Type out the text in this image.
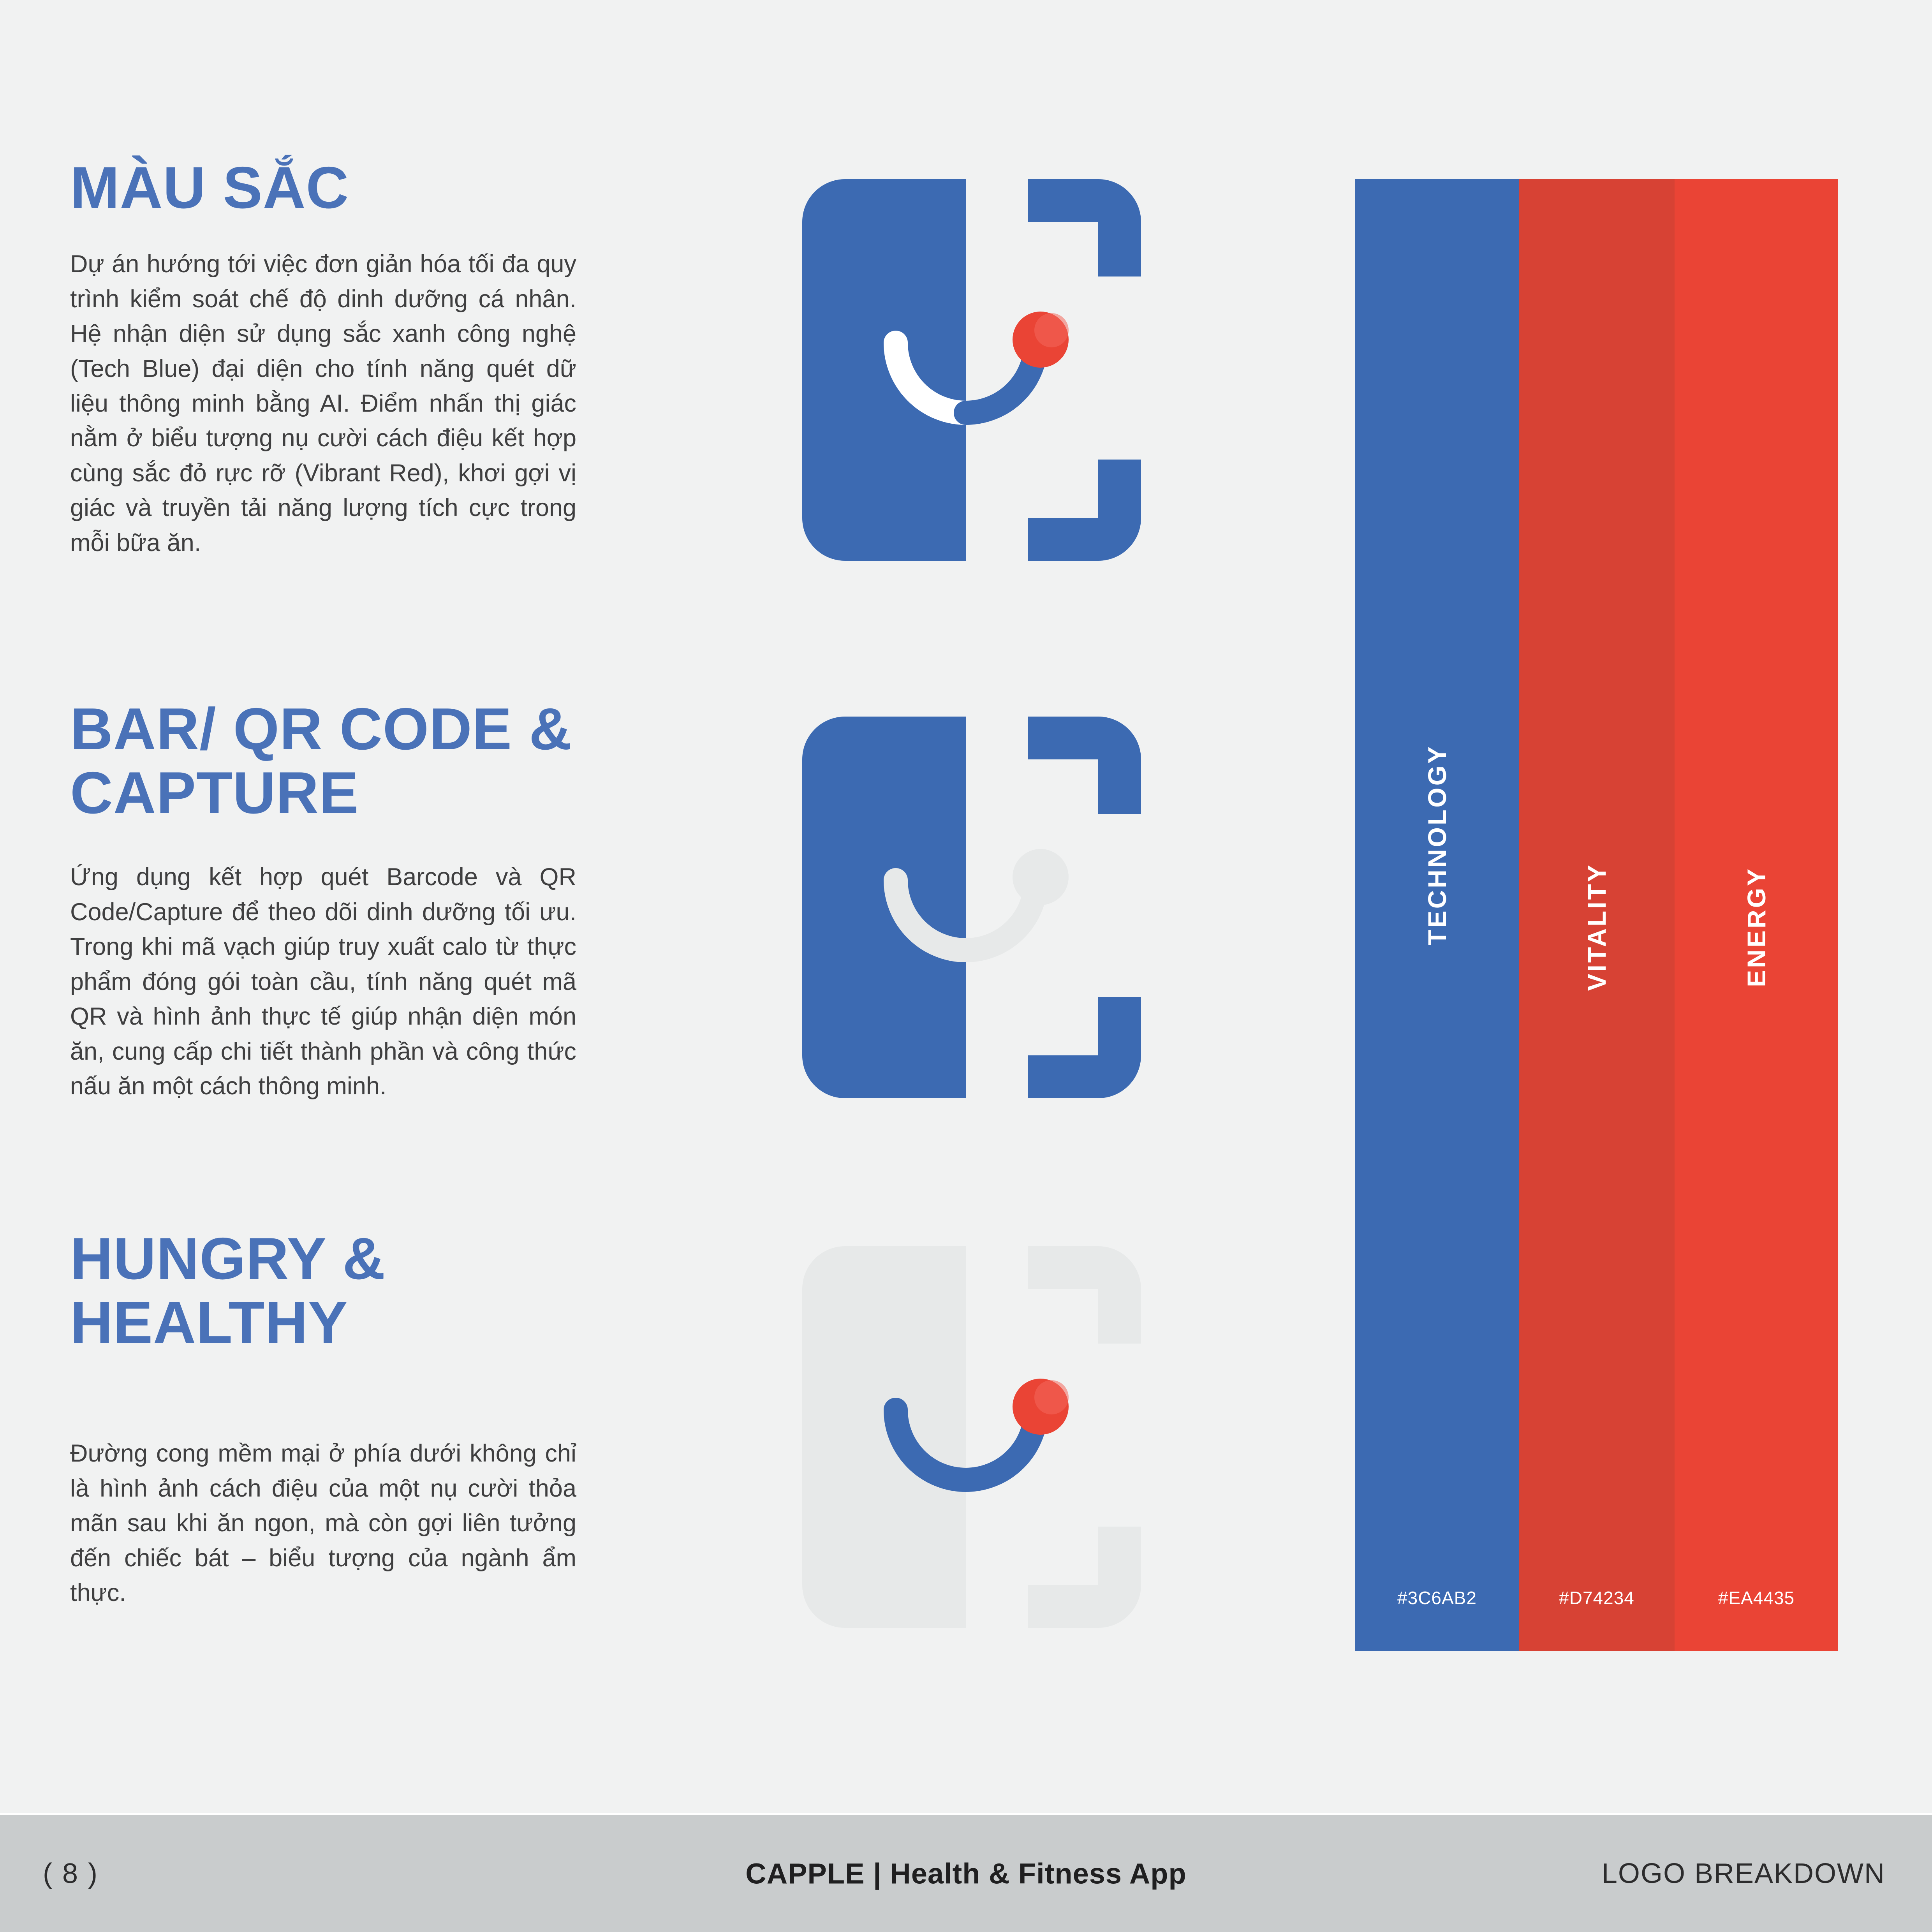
MÀU SẮC

Dự án hướng tới việc đơn giản hóa tối đa quy trình kiểm soát chế độ dinh dưỡng cá nhân. Hệ nhận diện sử dụng sắc xanh công nghệ (Tech Blue) đại diện cho tính năng quét dữ liệu thông minh bằng AI. Điểm nhấn thị giác nằm ở biểu tượng nụ cười cách điệu kết hợp cùng sắc đỏ rực rỡ (Vibrant Red), khơi gợi vị giác và truyền tải năng lượng tích cực trong mỗi bữa ăn.

BAR/ QR CODE & CAPTURE

Ứng dụng kết hợp quét Barcode và QR Code/Capture để theo dõi dinh dưỡng tối ưu. Trong khi mã vạch giúp truy xuất calo từ thực phẩm đóng gói toàn cầu, tính năng quét mã QR và hình ảnh thực tế giúp nhận diện món ăn, cung cấp chi tiết thành phần và công thức nấu ăn một cách thông minh.

HUNGRY & HEALTHY

Đường cong mềm mại ở phía dưới không chỉ là hình ảnh cách điệu của một nụ cười thỏa mãn sau khi ăn ngon, mà còn gợi liên tưởng đến chiếc bát – biểu tượng của ngành ẩm thực.

TECHNOLOGY
#3C6AB2
VITALITY
#D74234
ENERGY
#EA4435
( 8 )	CAPPLE | Health & Fitness App	LOGO BREAKDOWN
